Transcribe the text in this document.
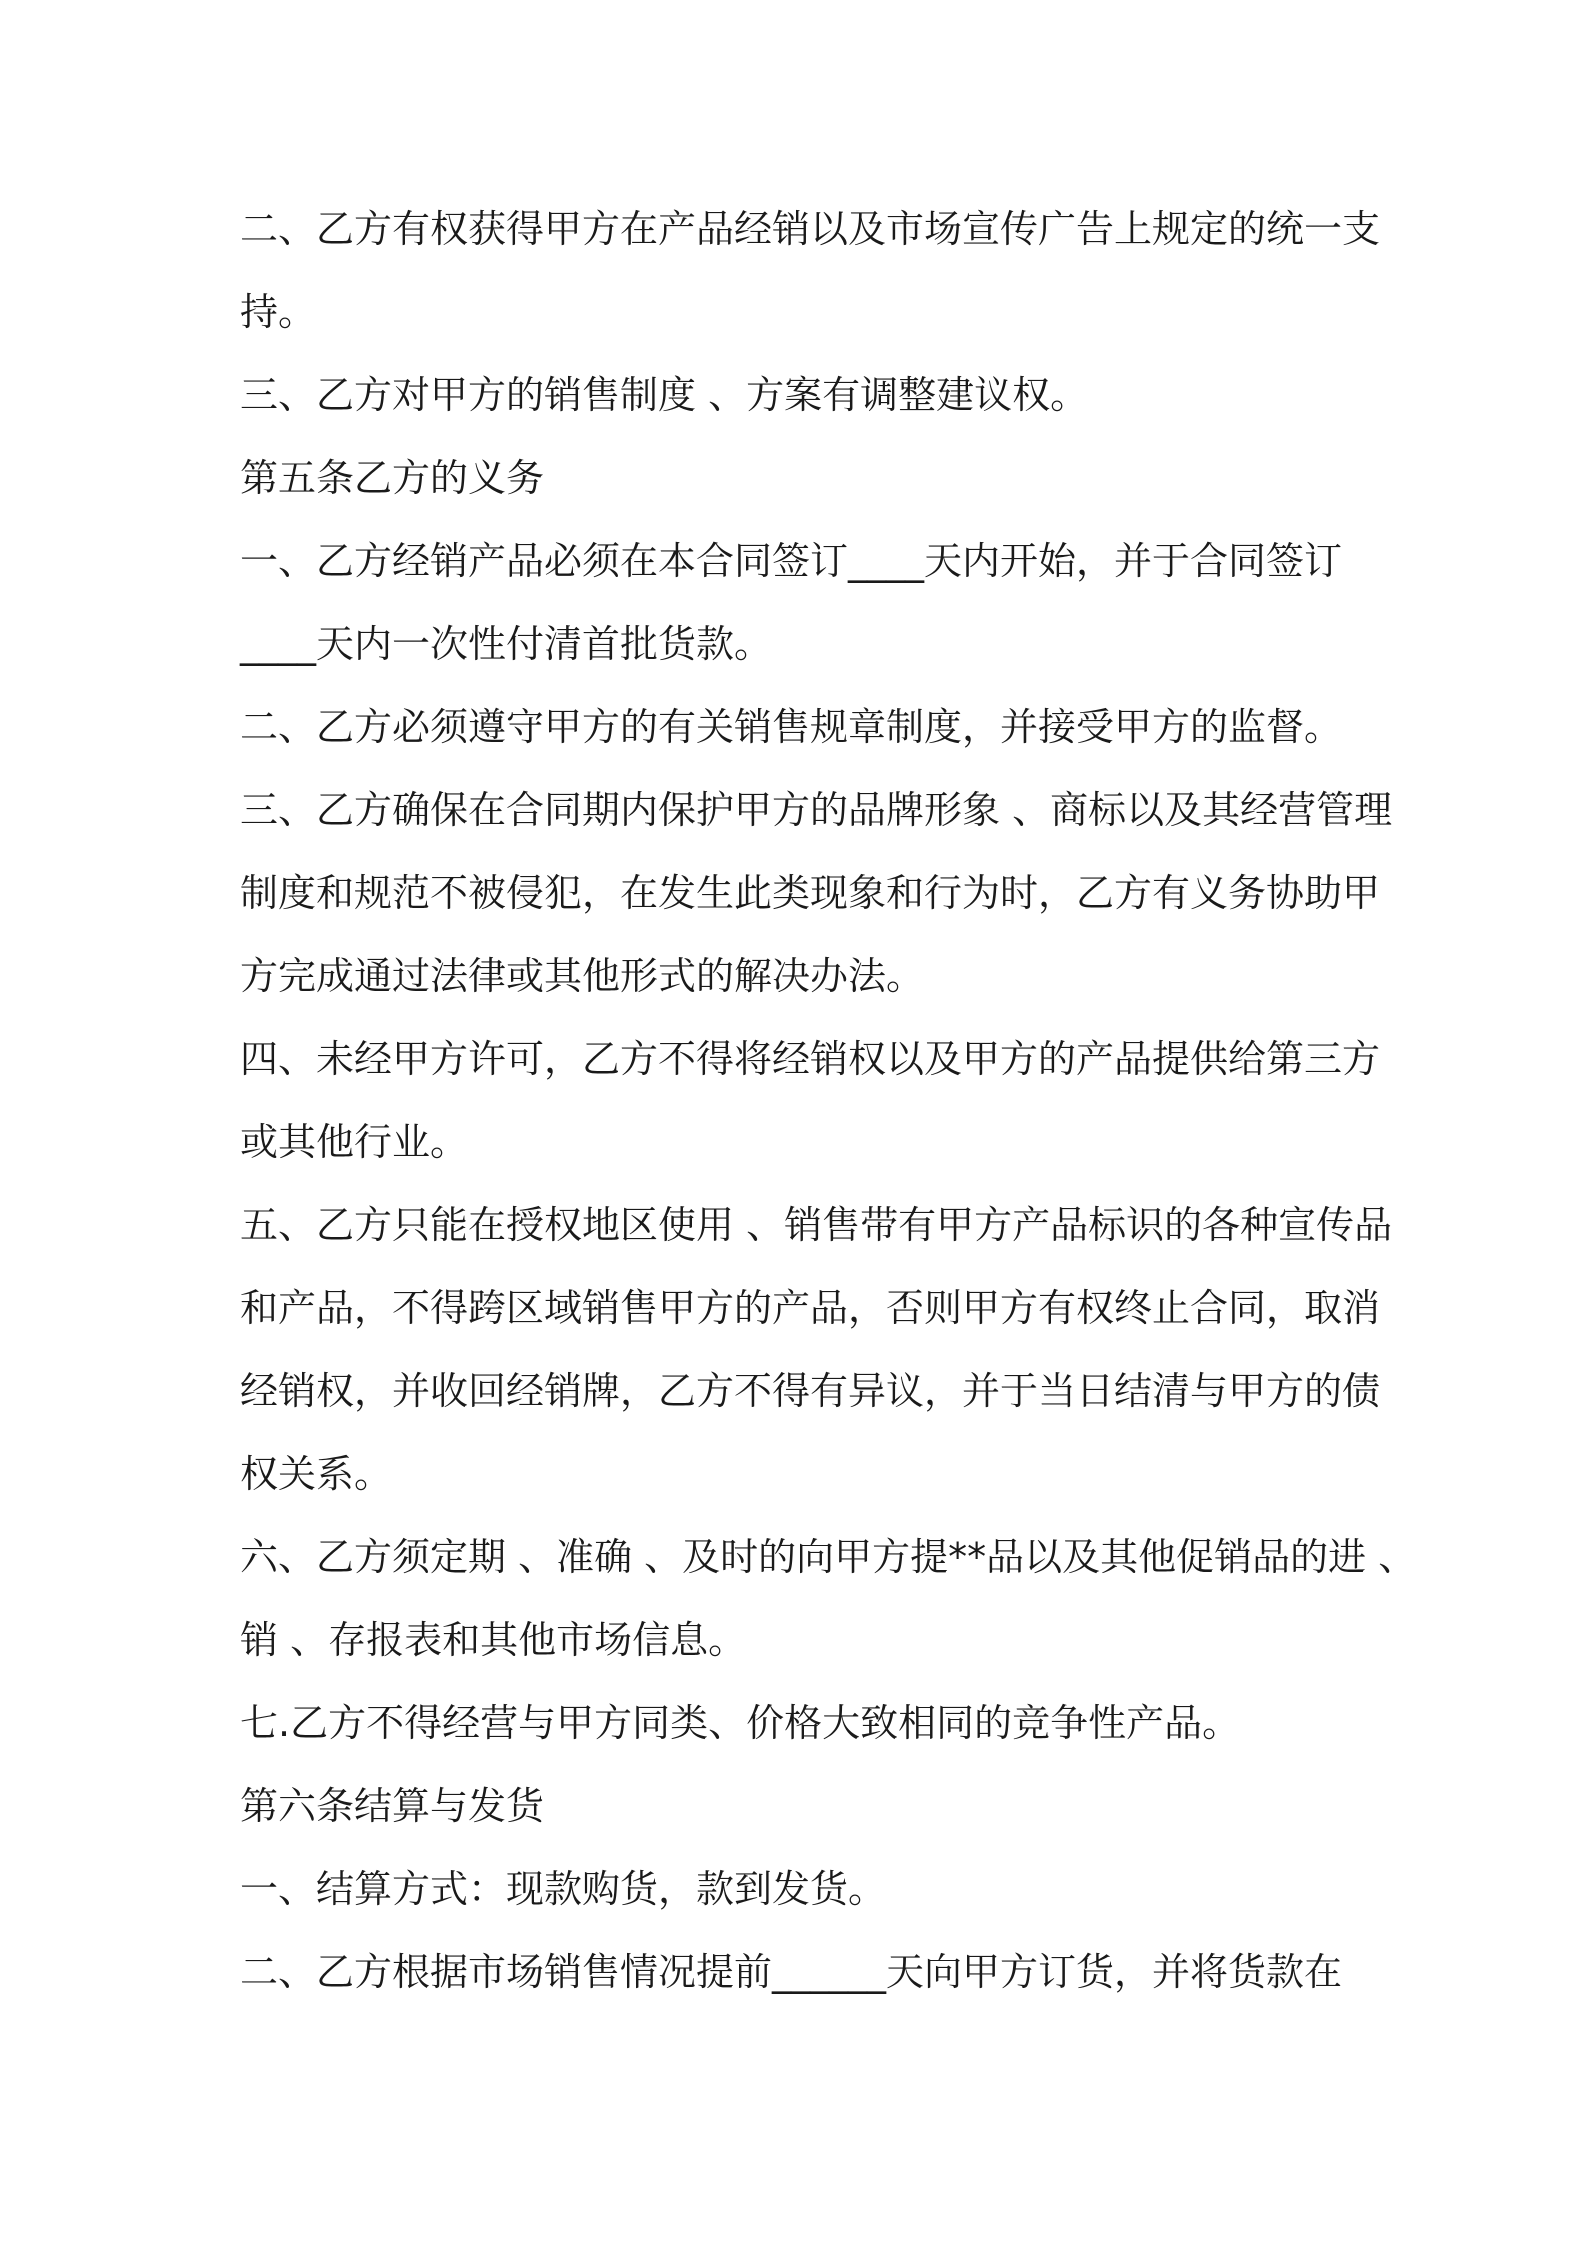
二、乙方有权获得甲方在产品经销以及市场宣传广告上规定的统一支
持。
三、乙方对甲方的销售制度 、方案有调整建议权。
第五条乙方的义务
一、乙方经销产品必须在本合同签订____天内开始，并于合同签订
____天内一次性付清首批货款。
二、乙方必须遵守甲方的有关销售规章制度，并接受甲方的监督。
三、乙方确保在合同期内保护甲方的品牌形象 、商标以及其经营管理
制度和规范不被侵犯，在发生此类现象和行为时，乙方有义务协助甲
方完成通过法律或其他形式的解决办法。
四、未经甲方许可，乙方不得将经销权以及甲方的产品提供给第三方
或其他行业。
五、乙方只能在授权地区使用 、销售带有甲方产品标识的各种宣传品
和产品，不得跨区域销售甲方的产品，否则甲方有权终止合同，取消
经销权，并收回经销牌，乙方不得有异议，并于当日结清与甲方的债
权关系。
六、乙方须定期 、准确 、及时的向甲方提**品以及其他促销品的进 、
销 、存报表和其他市场信息。
七.乙方不得经营与甲方同类、价格大致相同的竞争性产品。
第六条结算与发货
一、结算方式：现款购货，款到发货。
二、乙方根据市场销售情况提前______天向甲方订货，并将货款在
